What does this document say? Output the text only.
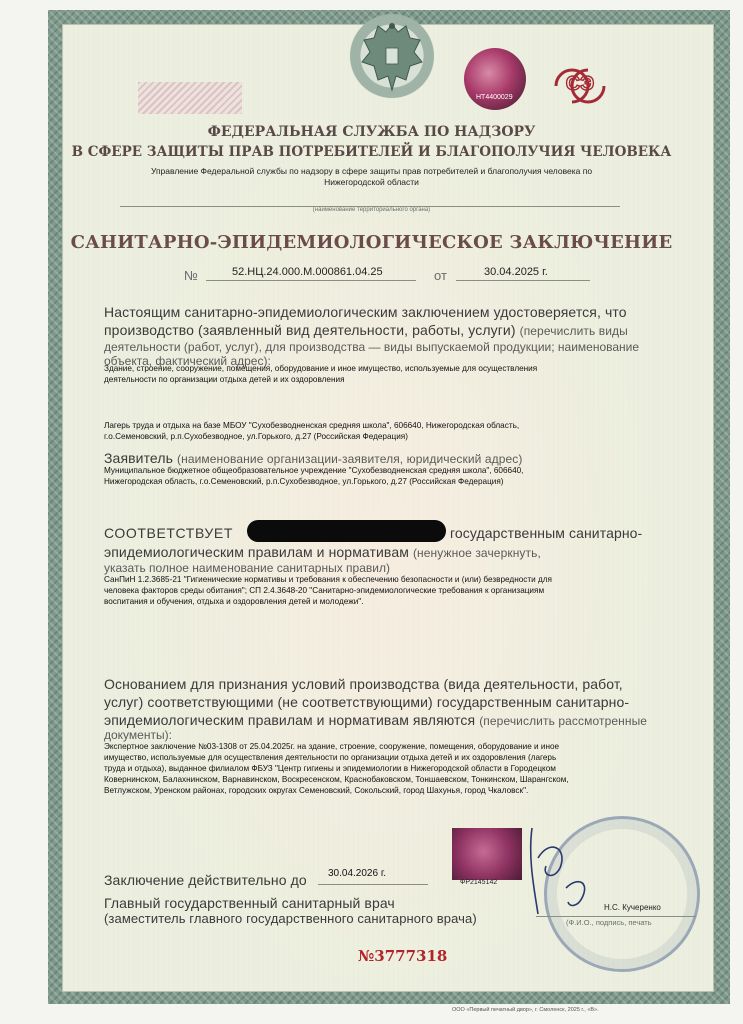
НТ4400029
СЭ
ФЕДЕРАЛЬНАЯ СЛУЖБА ПО НАДЗОРУ
В СФЕРЕ ЗАЩИТЫ ПРАВ ПОТРЕБИТЕЛЕЙ И БЛАГОПОЛУЧИЯ ЧЕЛОВЕКА
Управление Федеральной службы по надзору в сфере защиты прав потребителей и благополучия человека по
Нижегородской области
(наименование территориального органа)
САНИТАРНО-ЭПИДЕМИОЛОГИЧЕСКОЕ ЗАКЛЮЧЕНИЕ
№	52.НЦ.24.000.М.000861.04.25	от	30.04.2025 г.
Настоящим санитарно-эпидемиологическим заключением удостоверяется, что
производство (заявленный вид деятельности, работы, услуги) (перечислить виды
деятельности (работ, услуг), для производства — виды выпускаемой продукции; наименование
объекта, фактический адрес):
Здание, строение, сооружение, помещения, оборудование и иное имущество, используемые для осуществления
деятельности по организации отдыха детей и их оздоровления
Лагерь труда и отдыха на базе МБОУ "Сухобезводненская средняя школа", 606640, Нижегородская область,
г.о.Семеновский, р.п.Сухобезводное, ул.Горького, д.27 (Российская Федерация)
Заявитель (наименование организации-заявителя, юридический адрес)
Муниципальное бюджетное общеобразовательное учреждение "Сухобезводненская средняя школа", 606640,
Нижегородская область, г.о.Семеновский, р.п.Сухобезводное, ул.Горького, д.27 (Российская Федерация)
СООТВЕТСТВУЕТ	государственным санитарно-
эпидемиологическим правилам и нормативам (ненужное зачеркнуть,
указать полное наименование санитарных правил)
СанПиН 1.2.3685-21 "Гигиенические нормативы и требования к обеспечению безопасности и (или) безвредности для
человека факторов среды обитания"; СП 2.4.3648-20 "Санитарно-эпидемиологические требования к организациям
воспитания и обучения, отдыха и оздоровления детей и молодежи".
Основанием для признания условий производства (вида деятельности, работ,
услуг) соответствующими (не соответствующими) государственным санитарно-
эпидемиологическим правилам и нормативам являются (перечислить рассмотренные
документы):
Экспертное заключение №03-1308 от 25.04.2025г. на здание, строение, сооружение, помещения, оборудование и иное
имущество, используемые для осуществления деятельности по организации отдыха детей и их оздоровления (лагерь
труда и отдыха), выданное филиалом ФБУЗ "Центр гигиены и эпидемиологии в Нижегородской области в Городецком
Ковернинском, Балахнинском, Варнавинском, Воскресенском, Краснобаковском, Тоншаевском, Тонкинском, Шарангском,
Ветлужском, Уренском районах, городских округах Семеновский, Сокольский, город Шахунья, город Чкаловск".
ФР2145142
Заключение действительно до 30.04.2026 г.
Главный государственный санитарный врач
(заместитель главного государственного санитарного врача)
Н.С. Кучеренко
(Ф.И.О., подпись, печать
№3777318
ООО «Первый печатный двор», г. Смоленск, 2025 г., «В».
